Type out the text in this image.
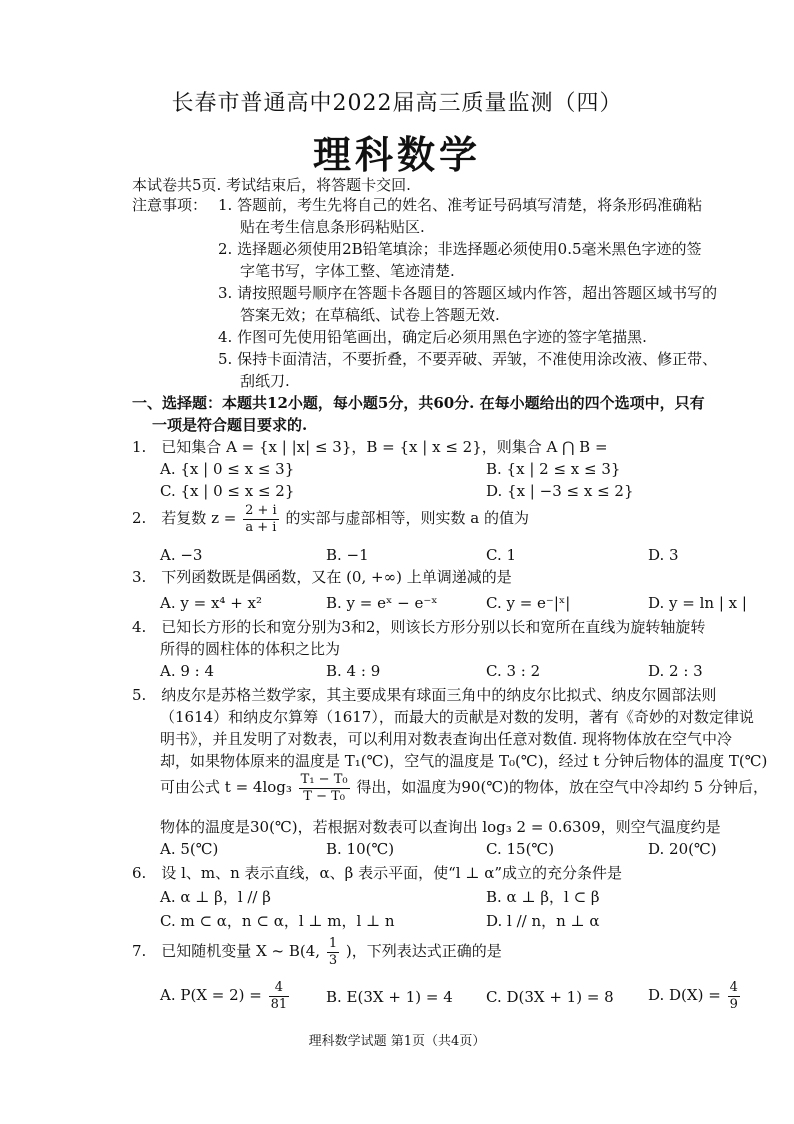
长春市普通高中2022届高三质量监测（四）
理科数学
本试卷共5页. 考试结束后，将答题卡交回.
注意事项： 1. 答题前，考生先将自己的姓名、准考证号码填写清楚，将条形码准确粘
贴在考生信息条形码粘贴区.
2. 选择题必须使用2B铅笔填涂；非选择题必须使用0.5毫米黑色字迹的签
字笔书写，字体工整、笔迹清楚.
3. 请按照题号顺序在答题卡各题目的答题区域内作答，超出答题区域书写的
答案无效；在草稿纸、试卷上答题无效.
4. 作图可先使用铅笔画出，确定后必须用黑色字迹的签字笔描黑.
5. 保持卡面清洁，不要折叠，不要弄破、弄皱，不准使用涂改液、修正带、
刮纸刀.
一、选择题：本题共12小题，每小题5分，共60分. 在每小题给出的四个选项中，只有
一项是符合题目要求的.
1.　已知集合 A = {x | |x| ≤ 3}，B = {x | x ≤ 2}，则集合 A ⋂ B =
A. {x | 0 ≤ x ≤ 3}	B. {x | 2 ≤ x ≤ 3}
C. {x | 0 ≤ x ≤ 2}	D. {x | −3 ≤ x ≤ 2}
2.　若复数 $z = \frac{2 + i}{a + i}$ 的实部与虚部相等，则实数 a 的值为
A. −3	B. −1	C. 1	D. 3
3.　下列函数既是偶函数，又在 (0, +∞) 上单调递减的是
A. y = x⁴ + x²	B. y = eˣ − e⁻ˣ	C. y = e⁻|ˣ|	D. y = ln | x |
4.　已知长方形的长和宽分别为3和2，则该长方形分别以长和宽所在直线为旋转轴旋转
所得的圆柱体的体积之比为
A. 9 : 4	B. 4 : 9	C. 3 : 2	D. 2 : 3
5.　纳皮尔是苏格兰数学家，其主要成果有球面三角中的纳皮尔比拟式、纳皮尔圆部法则
（1614）和纳皮尔算筹（1617），而最大的贡献是对数的发明，著有《奇妙的对数定律说
明书》，并且发明了对数表，可以利用对数表查询出任意对数值. 现将物体放在空气中冷
却，如果物体原来的温度是 T₁(℃)，空气的温度是 T₀(℃)，经过 t 分钟后物体的温度 T(℃)
可由公式 $t = 4\log_3 \frac{\text{T₁ − T₀}}{\text{T − T₀}}$ 得出，如温度为90(℃)的物体，放在空气中冷却约 5 分钟后，
物体的温度是30(℃)，若根据对数表可以查询出 log₃ 2 = 0.6309，则空气温度约是
A. 5(℃)	B. 10(℃)	C. 15(℃)	D. 20(℃)
6.　设 l、m、n 表示直线，α、β 表示平面，使“l ⊥ α”成立的充分条件是
A. α ⊥ β，l // β	B. α ⊥ β，l ⊂ β
C. m ⊂ α，n ⊂ α，l ⊥ m，l ⊥ n	D. l // n，n ⊥ α
7.　已知随机变量 X ~ B(4, $\frac{1}{3}$ )，下列表达式正确的是
A. $P(X = 2) = \frac{4}{81} B$. E(3X + 1) = 4 C. D(3X + 1) = 8 D. $D(X) = \frac{4}{9}$
理科数学试题 第1页（共4页）
